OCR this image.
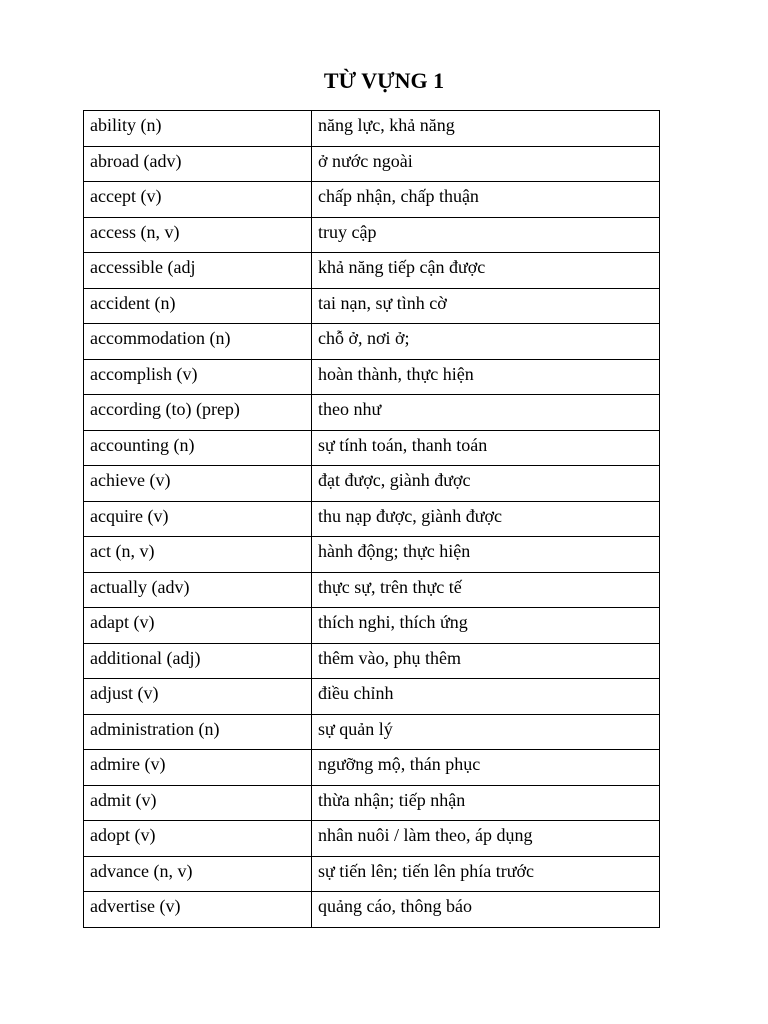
TỪ VỰNG 1
ability (n)	năng lực, khả năng
abroad (adv)	ở nước ngoài
accept (v)	chấp nhận, chấp thuận
access (n, v)	truy cập
accessible (adj	khả năng tiếp cận được
accident (n)	tai nạn, sự tình cờ
accommodation (n)	chỗ ở, nơi ở;
accomplish (v)	hoàn thành, thực hiện
according (to) (prep)	theo như
accounting (n)	sự tính toán, thanh toán
achieve (v)	đạt được, giành được
acquire (v)	thu nạp được, giành được
act (n, v)	hành động; thực hiện
actually (adv)	thực sự, trên thực tế
adapt (v)	thích nghi, thích ứng
additional (adj)	thêm vào, phụ thêm
adjust (v)	điều chỉnh
administration (n)	sự quản lý
admire (v)	ngưỡng mộ, thán phục
admit (v)	thừa nhận; tiếp nhận
adopt (v)	nhân nuôi / làm theo, áp dụng
advance (n, v)	sự tiến lên; tiến lên phía trước
advertise (v)	quảng cáo, thông báo
